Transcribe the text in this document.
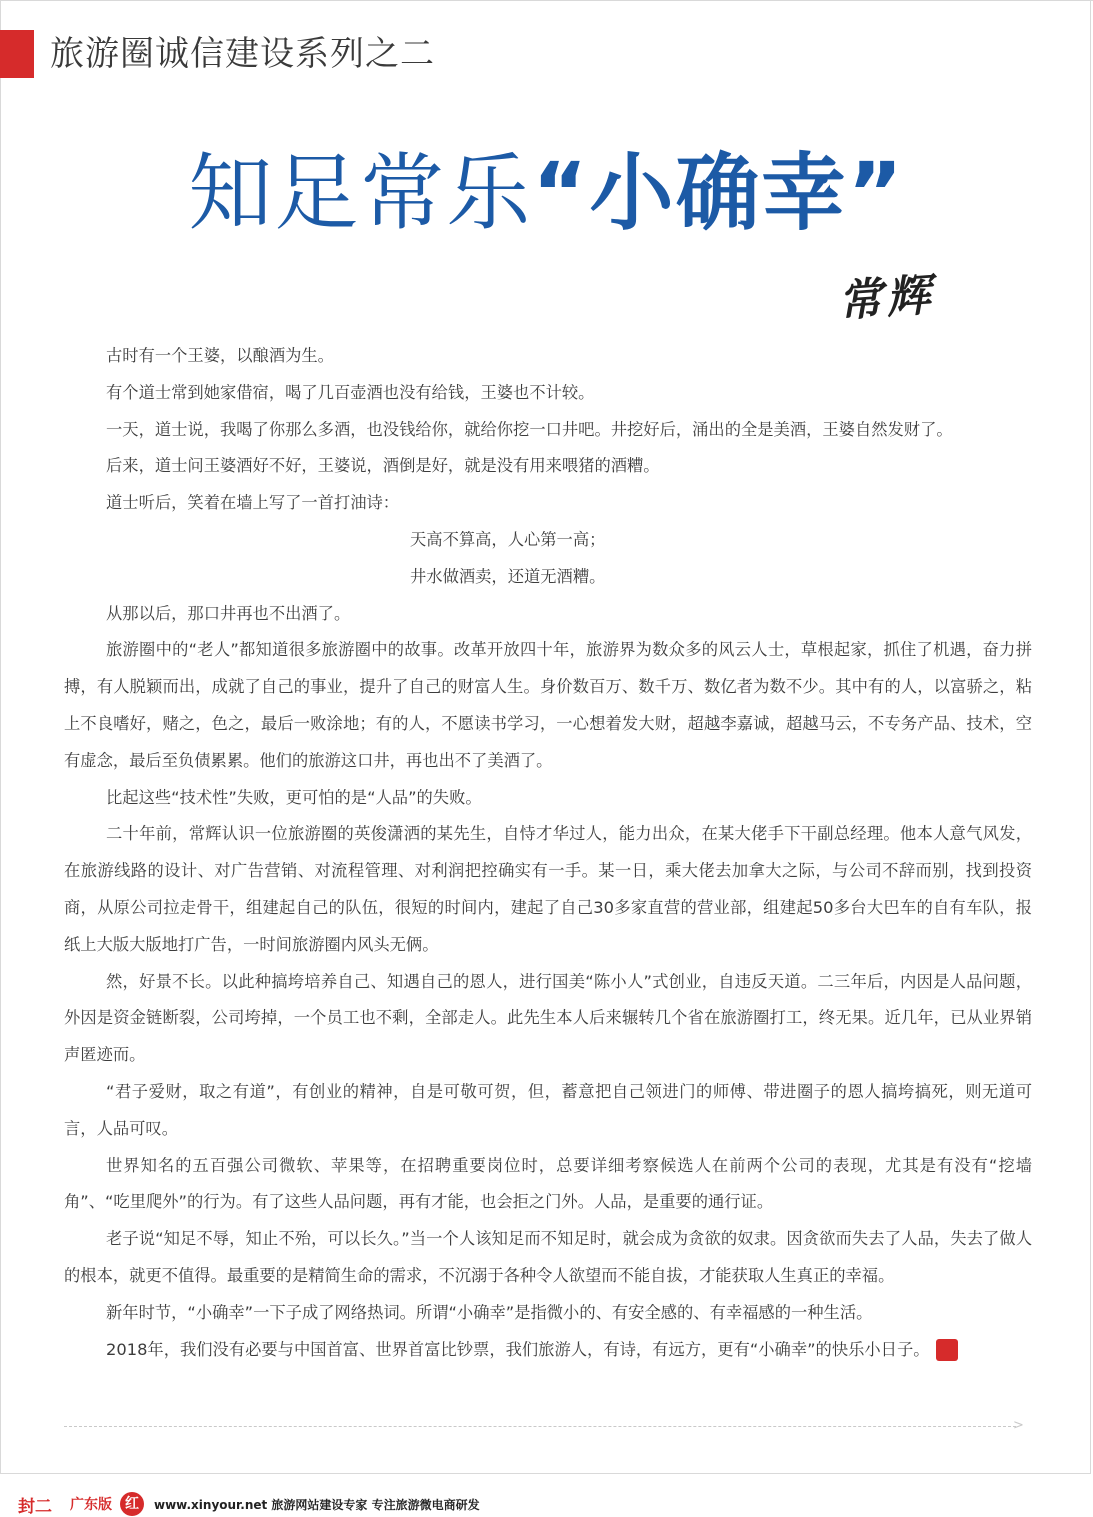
旅游圈诚信建设系列之二
知足常乐“小确幸”
常辉

古时有一个王婆，以酿酒为生。

有个道士常到她家借宿，喝了几百壶酒也没有给钱，王婆也不计较。

一天，道士说，我喝了你那么多酒，也没钱给你，就给你挖一口井吧。井挖好后，涌出的全是美酒，王婆自然发财了。

后来，道士问王婆酒好不好，王婆说，酒倒是好，就是没有用来喂猪的酒糟。

道士听后，笑着在墙上写了一首打油诗：

天高不算高，人心第一高；

井水做酒卖，还道无酒糟。

从那以后，那口井再也不出酒了。

旅游圈中的“老人”都知道很多旅游圈中的故事。改革开放四十年，旅游界为数众多的风云人士，草根起家，抓住了机遇，奋力拼搏，有人脱颖而出，成就了自己的事业，提升了自己的财富人生。身价数百万、数千万、数亿者为数不少。其中有的人，以富骄之，粘上不良嗜好，赌之，色之，最后一败涂地；有的人，不愿读书学习，一心想着发大财，超越李嘉诚，超越马云，不专务产品、技术，空有虚念，最后至负债累累。他们的旅游这口井，再也出不了美酒了。

比起这些“技术性”失败，更可怕的是“人品”的失败。

二十年前，常辉认识一位旅游圈的英俊潇洒的某先生，自恃才华过人，能力出众，在某大佬手下干副总经理。他本人意气风发，在旅游线路的设计、对广告营销、对流程管理、对利润把控确实有一手。某一日，乘大佬去加拿大之际，与公司不辞而别，找到投资商，从原公司拉走骨干，组建起自己的队伍，很短的时间内，建起了自己30多家直营的营业部，组建起50多台大巴车的自有车队，报纸上大版大版地打广告，一时间旅游圈内风头无俩。

然，好景不长。以此种搞垮培养自己、知遇自己的恩人，进行国美“陈小人”式创业，自违反天道。二三年后，内因是人品问题，外因是资金链断裂，公司垮掉，一个员工也不剩，全部走人。此先生本人后来辗转几个省在旅游圈打工，终无果。近几年，已从业界销声匿迹而。

“君子爱财，取之有道”，有创业的精神，自是可敬可贺，但，蓄意把自己领进门的师傅、带进圈子的恩人搞垮搞死，则无道可言，人品可叹。

世界知名的五百强公司微软、苹果等，在招聘重要岗位时，总要详细考察候选人在前两个公司的表现，尤其是有没有“挖墙角”、“吃里爬外”的行为。有了这些人品问题，再有才能，也会拒之门外。人品，是重要的通行证。

老子说“知足不辱，知止不殆，可以长久。”当一个人该知足而不知足时，就会成为贪欲的奴隶。因贪欲而失去了人品，失去了做人的根本，就更不值得。最重要的是精简生命的需求，不沉溺于各种令人欲望而不能自拔，才能获取人生真正的幸福。

新年时节，“小确幸”一下子成了网络热词。所谓“小确幸”是指微小的、有安全感的、有幸福感的一种生活。

2018年，我们没有必要与中国首富、世界首富比钞票，我们旅游人，有诗，有远方，更有“小确幸”的快乐小日子。	信

>
封二 广东版 红	www.xinyour.net 旅游网站建设专家 专注旅游微电商研发
